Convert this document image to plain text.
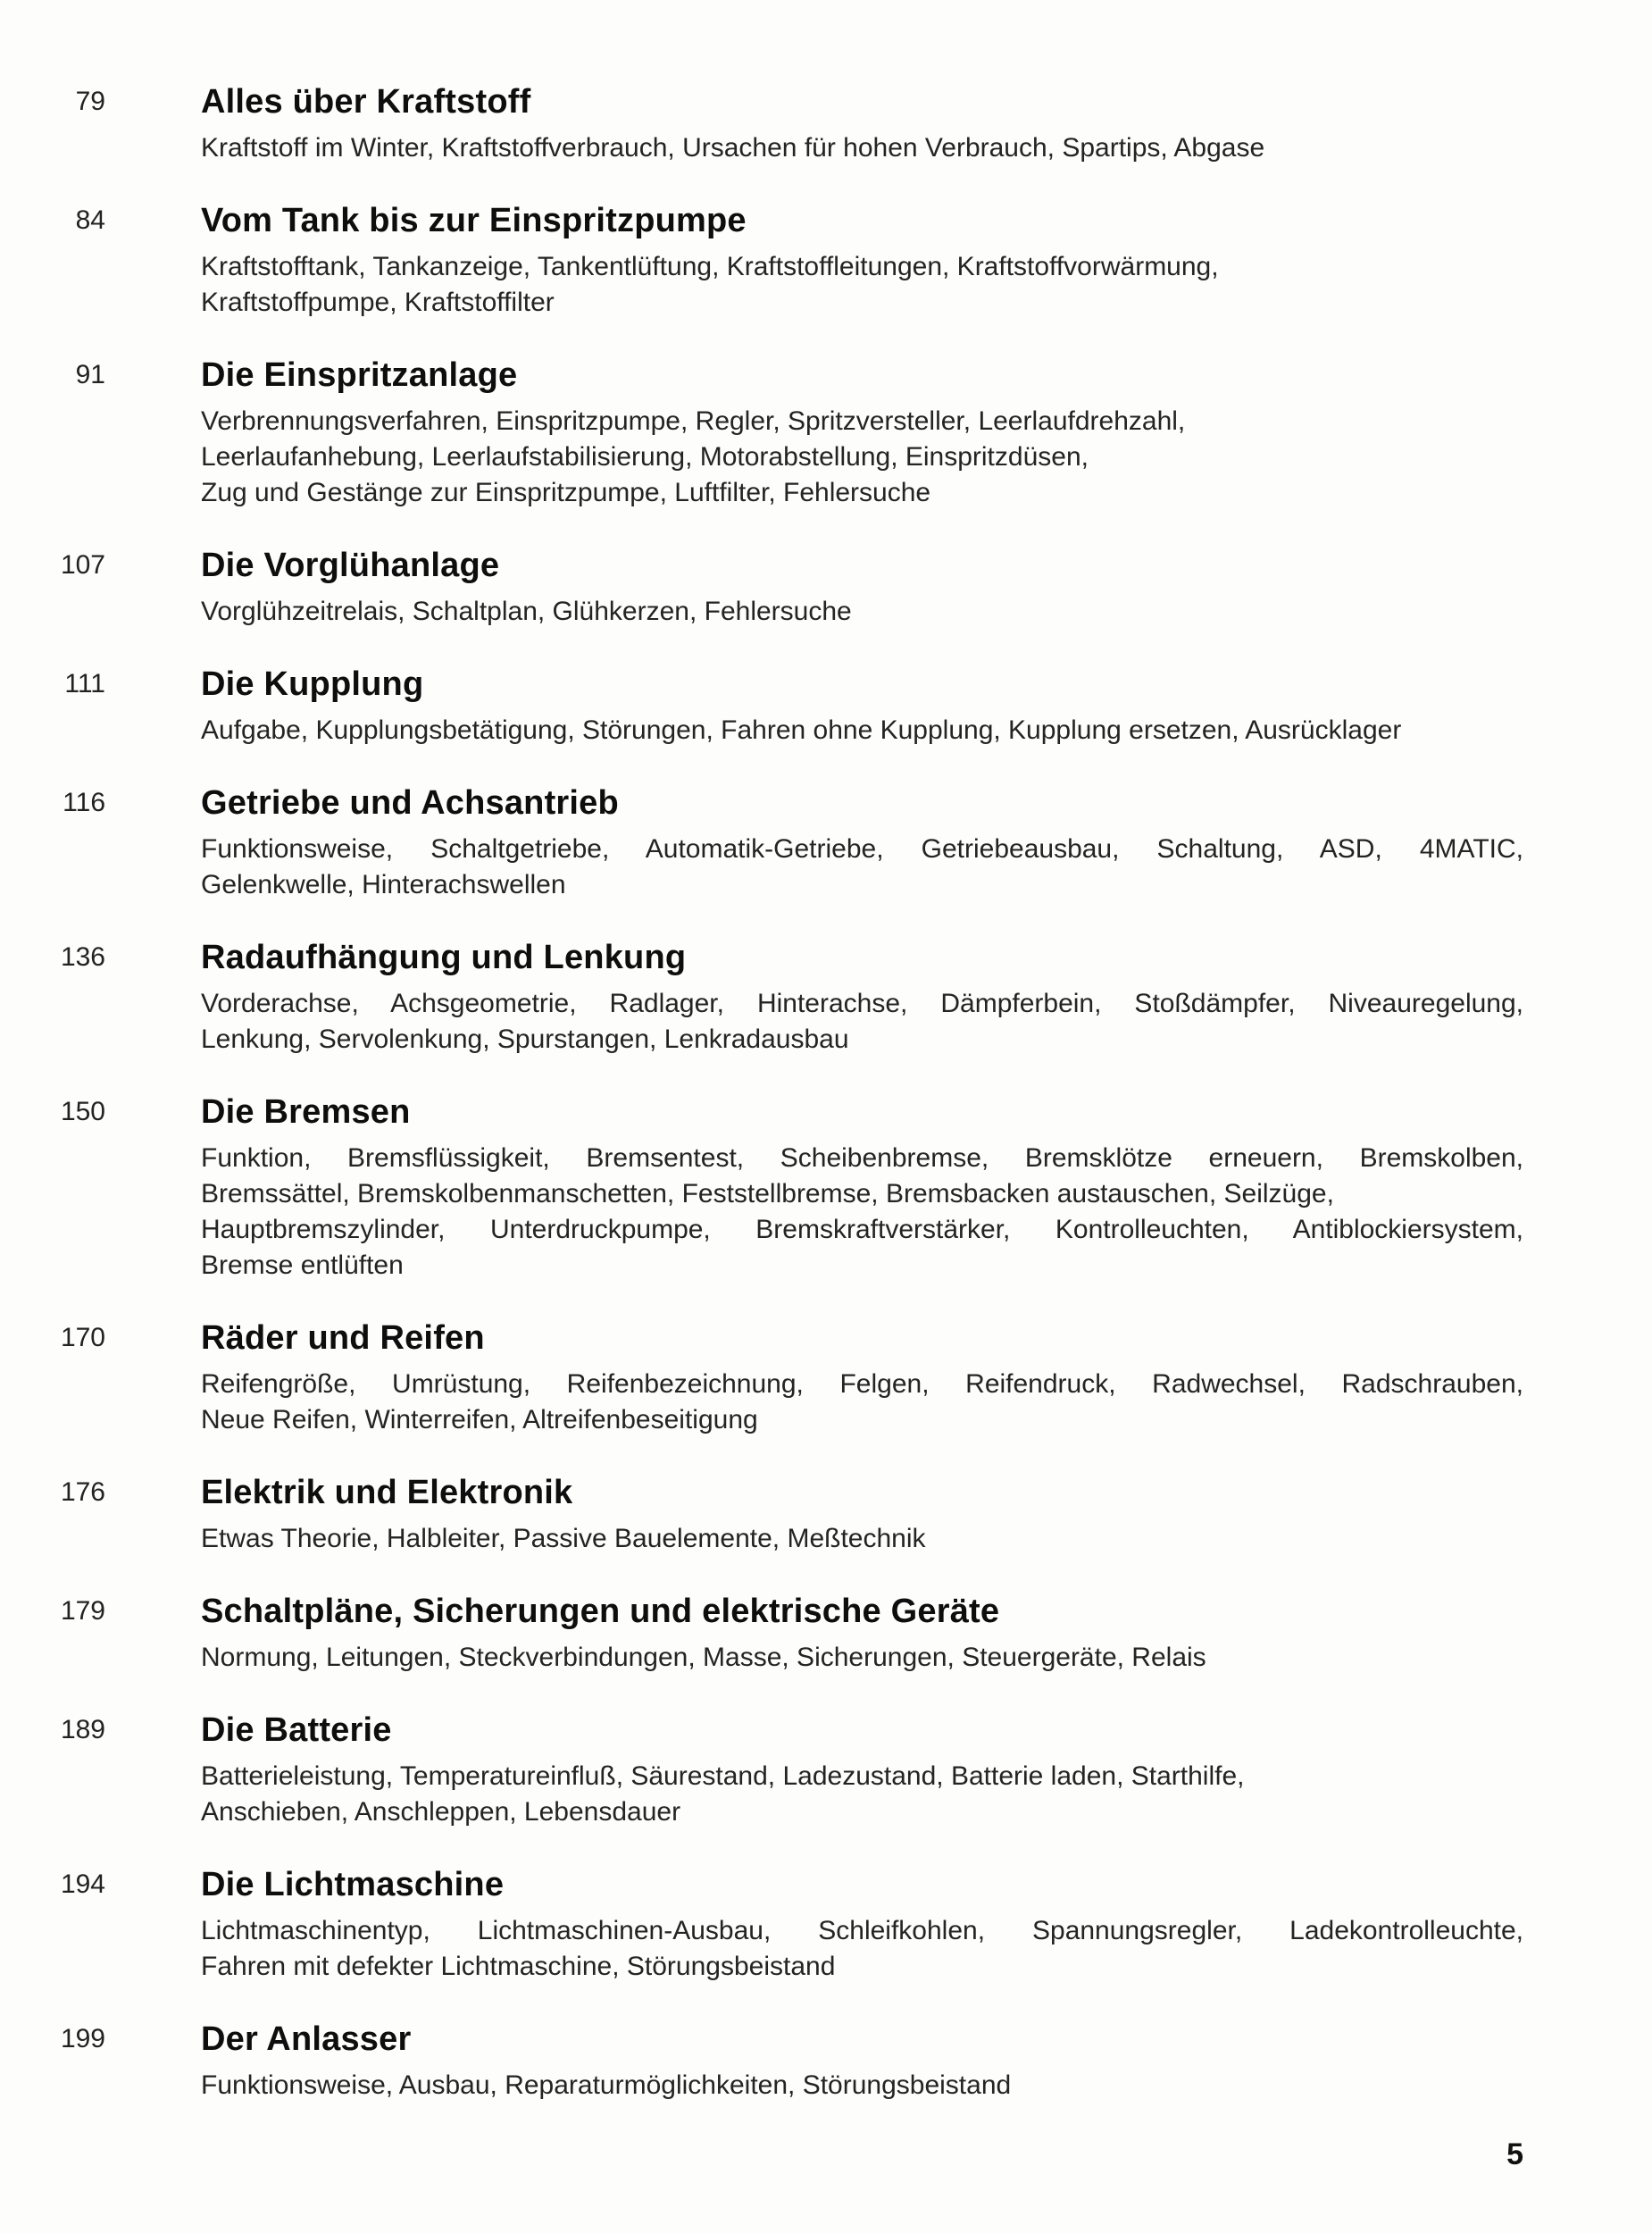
79	Alles über Kraftstoff
Kraftstoff im Winter, Kraftstoffverbrauch, Ursachen für hohen Verbrauch, Spartips, Abgase
84	Vom Tank bis zur Einspritzpumpe
Kraftstofftank, Tankanzeige, Tankentlüftung, Kraftstoffleitungen, Kraftstoffvorwärmung,
Kraftstoffpumpe, Kraftstoffilter
91	Die Einspritzanlage
Verbrennungsverfahren, Einspritzpumpe, Regler, Spritzversteller, Leerlaufdrehzahl,
Leerlaufanhebung, Leerlaufstabilisierung, Motorabstellung, Einspritzdüsen,
Zug und Gestänge zur Einspritzpumpe, Luftfilter, Fehlersuche
107	Die Vorglühanlage
Vorglühzeitrelais, Schaltplan, Glühkerzen, Fehlersuche
111	Die Kupplung
Aufgabe, Kupplungsbetätigung, Störungen, Fahren ohne Kupplung, Kupplung ersetzen, Ausrücklager
116	Getriebe und Achsantrieb
Funktionsweise, Schaltgetriebe, Automatik-Getriebe, Getriebeausbau, Schaltung, ASD, 4MATIC,
Gelenkwelle, Hinterachswellen
136	Radaufhängung und Lenkung
Vorderachse, Achsgeometrie, Radlager, Hinterachse, Dämpferbein, Stoßdämpfer, Niveauregelung,
Lenkung, Servolenkung, Spurstangen, Lenkradausbau
150	Die Bremsen
Funktion, Bremsflüssigkeit, Bremsentest, Scheibenbremse, Bremsklötze erneuern, Bremskolben,
Bremssättel, Bremskolbenmanschetten, Feststellbremse, Bremsbacken austauschen, Seilzüge,
Hauptbremszylinder, Unterdruckpumpe, Bremskraftverstärker, Kontrolleuchten, Antiblockiersystem,
Bremse entlüften
170	Räder und Reifen
Reifengröße, Umrüstung, Reifenbezeichnung, Felgen, Reifendruck, Radwechsel, Radschrauben,
Neue Reifen, Winterreifen, Altreifenbeseitigung
176	Elektrik und Elektronik
Etwas Theorie, Halbleiter, Passive Bauelemente, Meßtechnik
179	Schaltpläne, Sicherungen und elektrische Geräte
Normung, Leitungen, Steckverbindungen, Masse, Sicherungen, Steuergeräte, Relais
189	Die Batterie
Batterieleistung, Temperatureinfluß, Säurestand, Ladezustand, Batterie laden, Starthilfe,
Anschieben, Anschleppen, Lebensdauer
194	Die Lichtmaschine
Lichtmaschinentyp, Lichtmaschinen-Ausbau, Schleifkohlen, Spannungsregler, Ladekontrolleuchte,
Fahren mit defekter Lichtmaschine, Störungsbeistand
199	Der Anlasser
Funktionsweise, Ausbau, Reparaturmöglichkeiten, Störungsbeistand
5
